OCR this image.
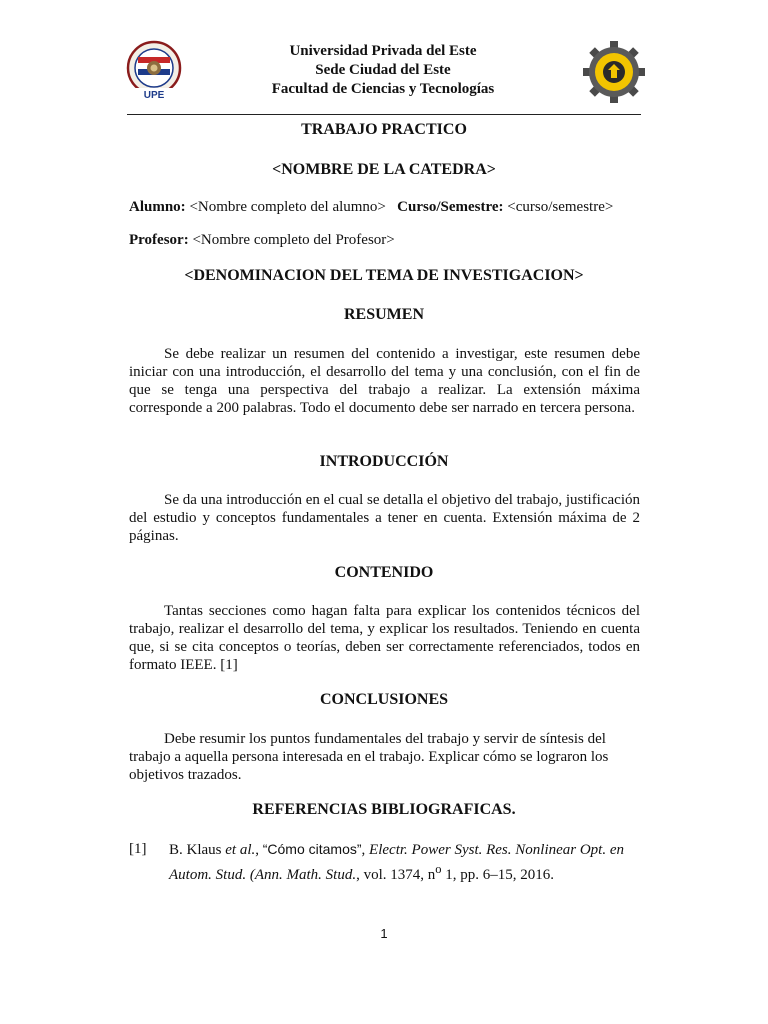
UPE
Universidad Privada del Este
Sede Ciudad del Este
Facultad de Ciencias y Tecnologías
TRABAJO PRACTICO
<NOMBRE DE LA CATEDRA>
Alumno: <Nombre completo del alumno> Curso/Semestre: <curso/semestre>
Profesor: <Nombre completo del Profesor>
<DENOMINACION DEL TEMA DE INVESTIGACION>
RESUMEN
Se debe realizar un resumen del contenido a investigar, este resumen debe iniciar con una introducción, el desarrollo del tema y una conclusión, con el fin de que se tenga una perspectiva del trabajo a realizar. La extensión máxima corresponde a 200 palabras. Todo el documento debe ser narrado en tercera persona.
INTRODUCCIÓN
Se da una introducción en el cual se detalla el objetivo del trabajo, justificación del estudio y conceptos fundamentales a tener en cuenta. Extensión máxima de 2 páginas.
CONTENIDO
Tantas secciones como hagan falta para explicar los contenidos técnicos del trabajo, realizar el desarrollo del tema, y explicar los resultados. Teniendo en cuenta que, si se cita conceptos o teorías, deben ser correctamente referenciados, todos en formato IEEE. [1]
CONCLUSIONES
Debe resumir los puntos fundamentales del trabajo y servir de síntesis del trabajo a aquella persona interesada en el trabajo. Explicar cómo se lograron los objetivos trazados.
REFERENCIAS BIBLIOGRAFICAS.
[1] B. Klaus et al., “Cómo citamos”, Electr. Power Syst. Res. Nonlinear Opt. en Autom. Stud. (Ann. Math. Stud., vol. 1374, $n^o$ 1, pp. 6–15, 2016.
1
